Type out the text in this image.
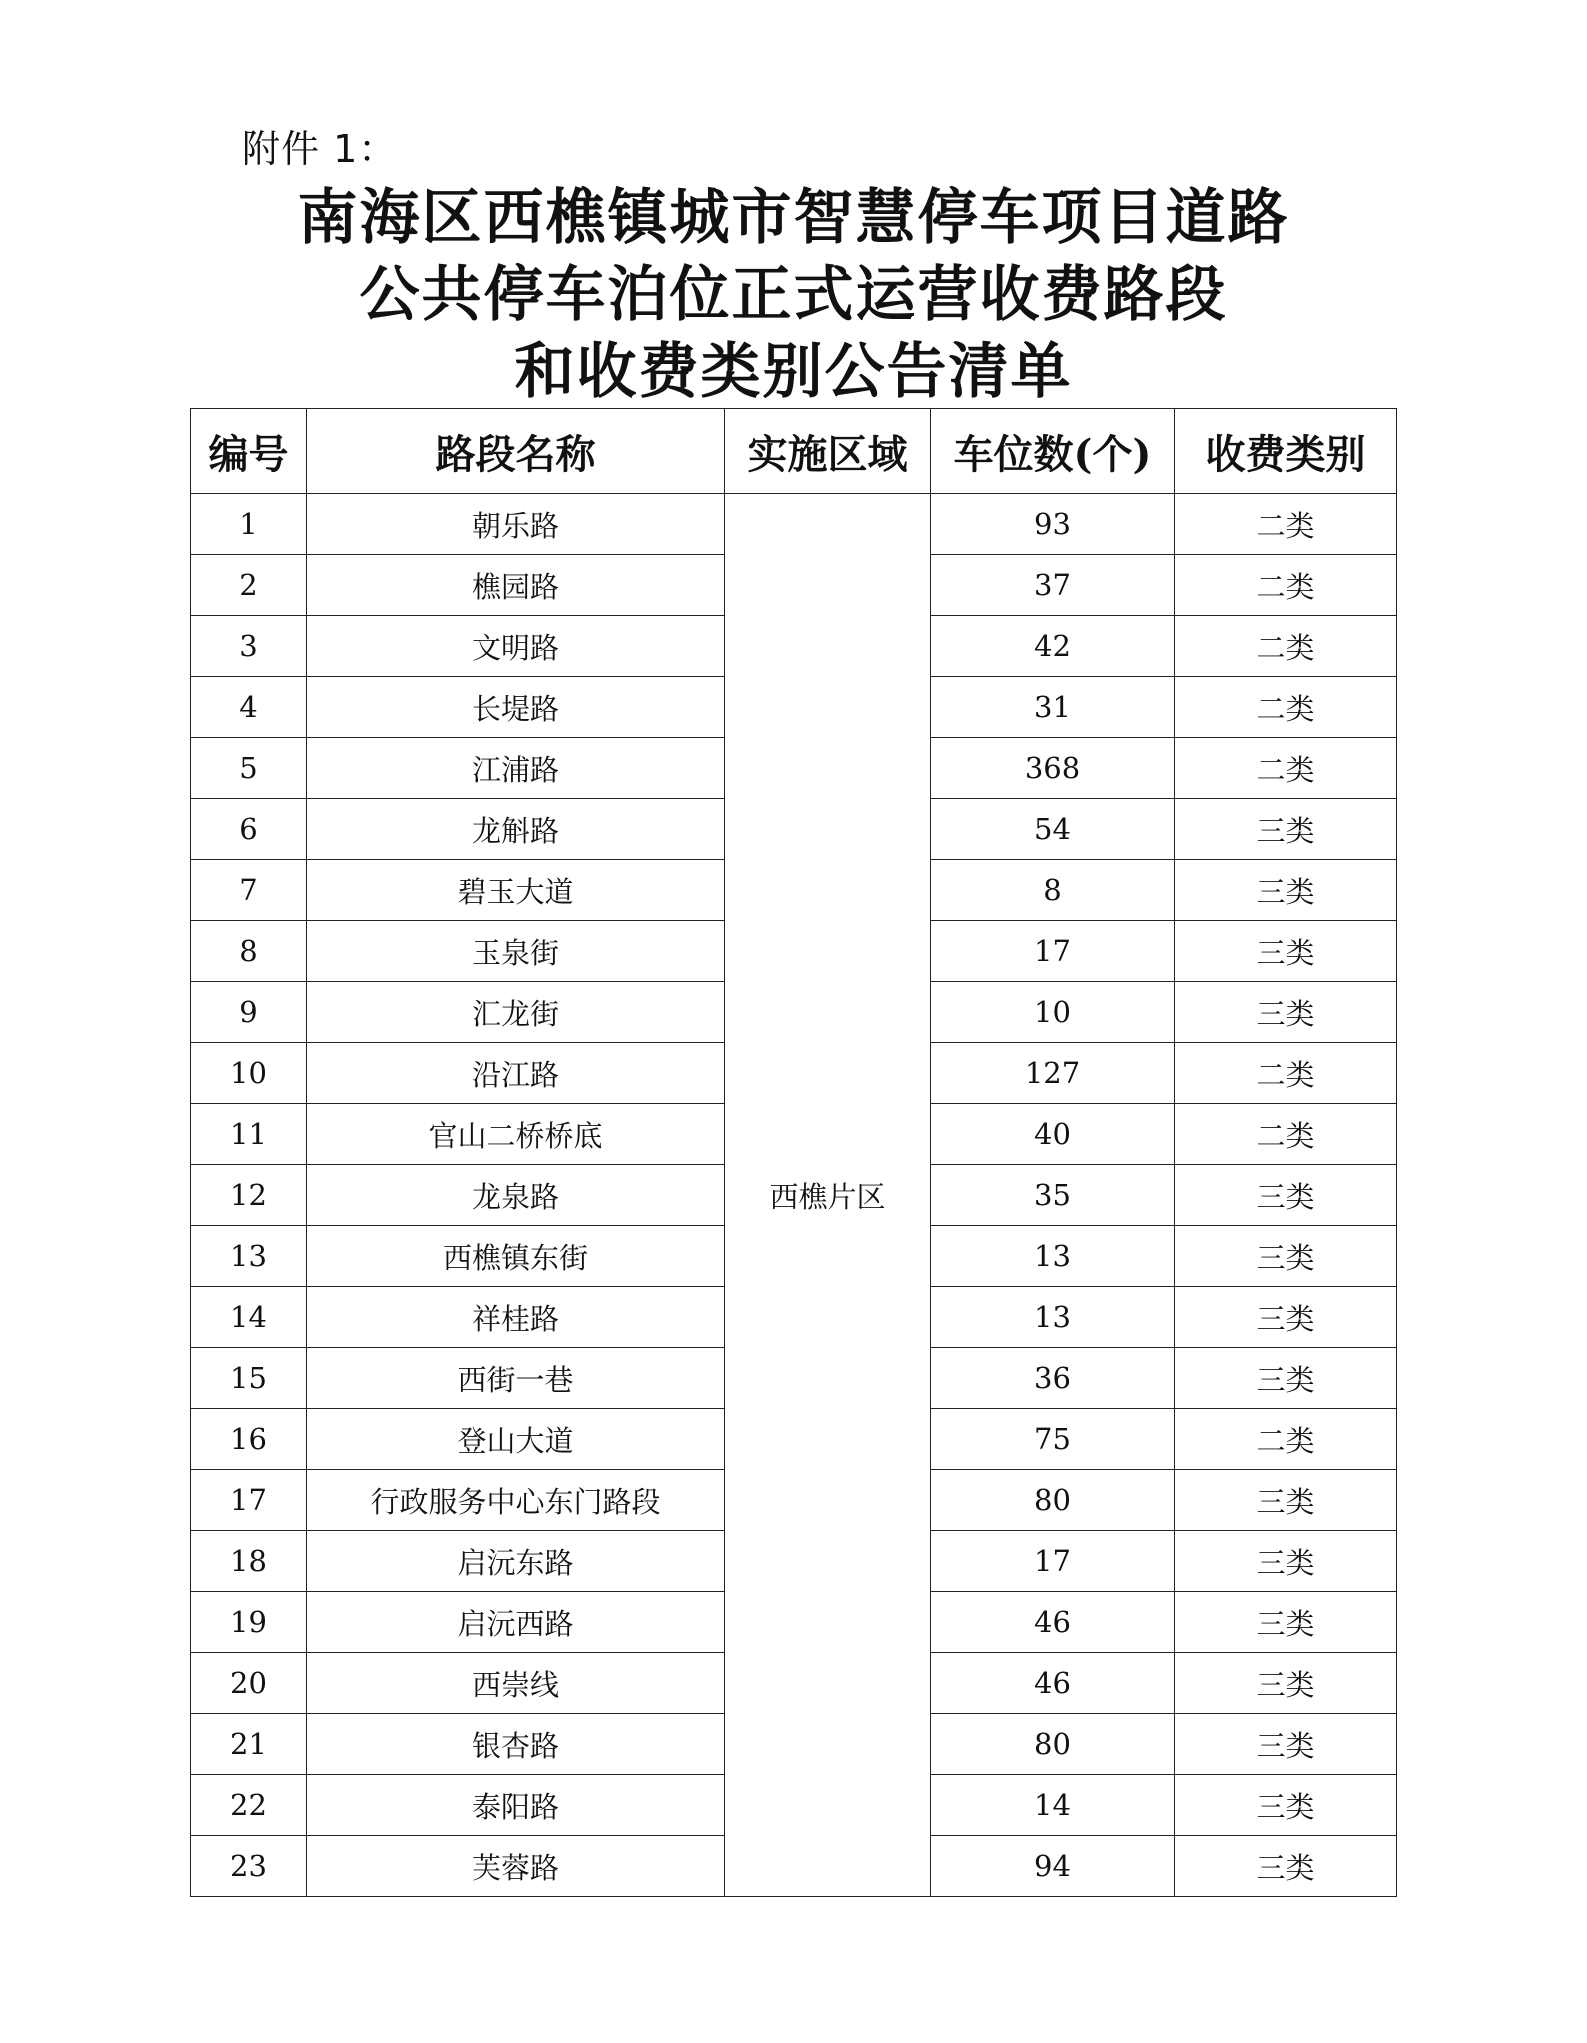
附件 1：
南海区西樵镇城市智慧停车项目道路
公共停车泊位正式运营收费路段
和收费类别公告清单
编号	路段名称	实施区域	车位数(个)	收费类别
1	朝乐路	西樵片区	93	二类
2	樵园路		37	二类
3	文明路		42	二类
4	长堤路		31	二类
5	江浦路		368	二类
6	龙斛路		54	三类
7	碧玉大道		8	三类
8	玉泉街		17	三类
9	汇龙街		10	三类
10	沿江路		127	二类
11	官山二桥桥底		40	二类
12	龙泉路		35	三类
13	西樵镇东街		13	三类
14	祥桂路		13	三类
15	西街一巷		36	三类
16	登山大道		75	二类
17	行政服务中心东门路段		80	三类
18	启沅东路		17	三类
19	启沅西路		46	三类
20	西崇线		46	三类
21	银杏路		80	三类
22	泰阳路		14	三类
23	芙蓉路		94	三类
